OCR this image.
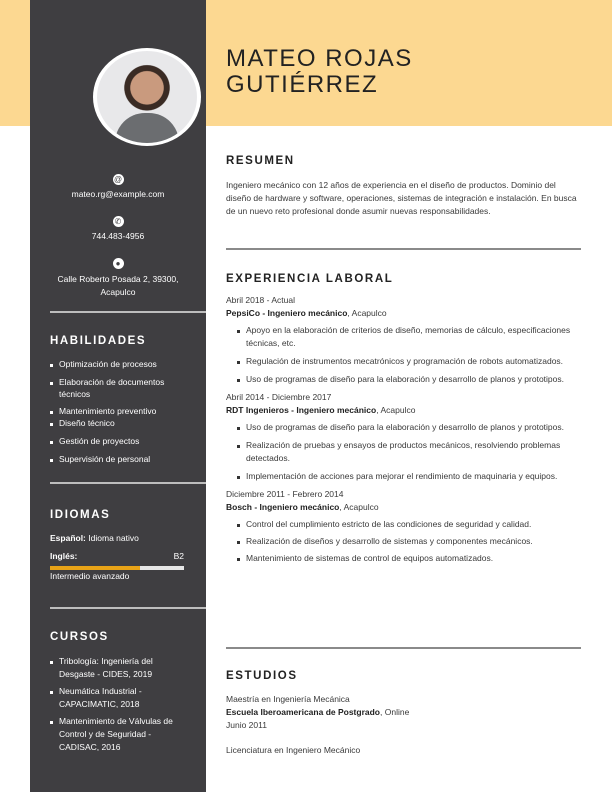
@
mateo.rg@example.com
✆
744.483-4956
●
Calle Roberto Posada 2, 39300, Acapulco
HABILIDADES
Optimización de procesos
Elaboración de documentos técnicos
Mantenimiento preventivo
Diseño técnico
Gestión de proyectos
Supervisión de personal
IDIOMAS
Español: Idioma nativo
Inglés:	B2
Intermedio avanzado
CURSOS
Tribología: Ingeniería del Desgaste - CIDES, 2019
Neumática Industrial - CAPACIMATIC, 2018
Mantenimiento de Válvulas de Control y de Seguridad - CADISAC, 2016
MATEO ROJAS
GUTIÉRREZ
RESUMEN
Ingeniero mecánico con 12 años de experiencia en el diseño de productos. Dominio del diseño de hardware y software, operaciones, sistemas de integración e instalación. En busca de un nuevo reto profesional donde asumir nuevas responsabilidades.
EXPERIENCIA LABORAL
Abril 2018 - Actual
PepsiCo - Ingeniero mecánico, Acapulco
Apoyo en la elaboración de criterios de diseño, memorias de cálculo, especificaciones técnicas, etc.
Regulación de instrumentos mecatrónicos y programación de robots automatizados.
Uso de programas de diseño para la elaboración y desarrollo de planos y prototipos.
Abril 2014 - Diciembre 2017
RDT Ingenieros - Ingeniero mecánico, Acapulco
Uso de programas de diseño para la elaboración y desarrollo de planos y prototipos.
Realización de pruebas y ensayos de productos mecánicos, resolviendo problemas detectados.
Implementación de acciones para mejorar el rendimiento de maquinaria y equipos.
Diciembre 2011 - Febrero 2014
Bosch - Ingeniero mecánico, Acapulco
Control del cumplimiento estricto de las condiciones de seguridad y calidad.
Realización de diseños y desarrollo de sistemas y componentes mecánicos.
Mantenimiento de sistemas de control de equipos automatizados.
ESTUDIOS
Maestría en Ingeniería Mecánica
Escuela Iberoamericana de Postgrado, Online
Junio 2011
Licenciatura en Ingeniero Mecánico
